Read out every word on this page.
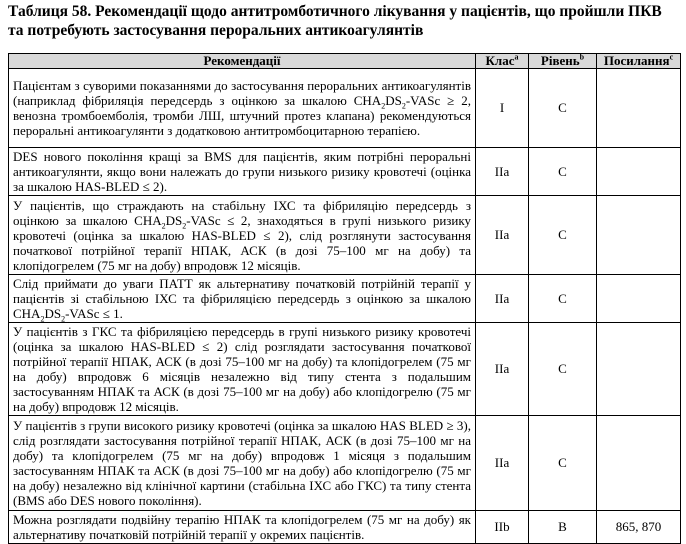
Таблиця 58. Рекомендації щодо антитромботичного лікування у пацієнтів, що пройшли ПКВ та потребують застосування пероральних антикоагулянтів
Рекомендації	Клас$^a$	Рівень$^b$	Посилання$^c$
Пацієнтам з суворими показаннями до застосування пероральних антикоагулянтів (наприклад фібриляція передсердь з оцінкою за шкалою $CHA_2DS_2$-VASc ≥ 2, венозна тромбоемболія, тромби ЛШ, штучний протез клапана) рекомендуються пероральні антикоагулянти з додатковою антитромбоцитарною терапією.	I	C	
DES нового покоління кращі за BMS для пацієнтів, яким потрібні пероральні антикоагулянти, якщо вони належать до групи низького ризику кровотечі (оцінка за шкалою HAS-BLED ≤ 2).	IIa	C	
У пацієнтів, що страждають на стабільну ІХС та фібриляцію передсердь з оцінкою за шкалою $CHA_2DS_2$-VASc ≤ 2, знаходяться в групі низького ризику кровотечі (оцінка за шкалою HAS-BLED ≤ 2), слід розглянути застосування початкової потрійної терапії НПАК, АСК (в дозі 75–100 мг на добу) та клопідогрелем (75 мг на добу) впродовж 12 місяців.	IIa	C	
Слід приймати до уваги ПАТТ як альтернативу початковій потрійній терапії у пацієнтів зі стабільною ІХС та фібриляцією передсердь з оцінкою за шкалою $CHA_2DS_2$-VASc ≤ 1.	IIa	C	
У пацієнтів з ГКС та фібриляцією передсердь в групі низького ризику кровотечі (оцінка за шкалою HAS-BLED ≤ 2) слід розглядати застосування початкової потрійної терапії НПАК, АСК (в дозі 75–100 мг на добу) та клопідогрелем (75 мг на добу) впродовж 6 місяців незалежно від типу стента з подальшим застосуванням НПАК та АСК (в дозі 75–100 мг на добу) або клопідогрелю (75 мг на добу) впродовж 12 місяців.	IIa	C	
У пацієнтів з групи високого ризику кровотечі (оцінка за шкалою HAS BLED ≥ 3), слід розглядати застосування потрійної терапії НПАК, АСК (в дозі 75–100 мг на добу) та клопідогрелем (75 мг на добу) впродовж 1 місяця з подальшим застосуванням НПАК та АСК (в дозі 75–100 мг на добу) або клопідогрелю (75 мг на добу) незалежно від клінічної картини (стабільна ІХС або ГКС) та типу стента (BMS або DES нового покоління).	IIa	C	
Можна розглядати подвійну терапію НПАК та клопідогрелем (75 мг на добу) як альтернативу початковій потрійній терапії у окремих пацієнтів.	IIb	B	865, 870
